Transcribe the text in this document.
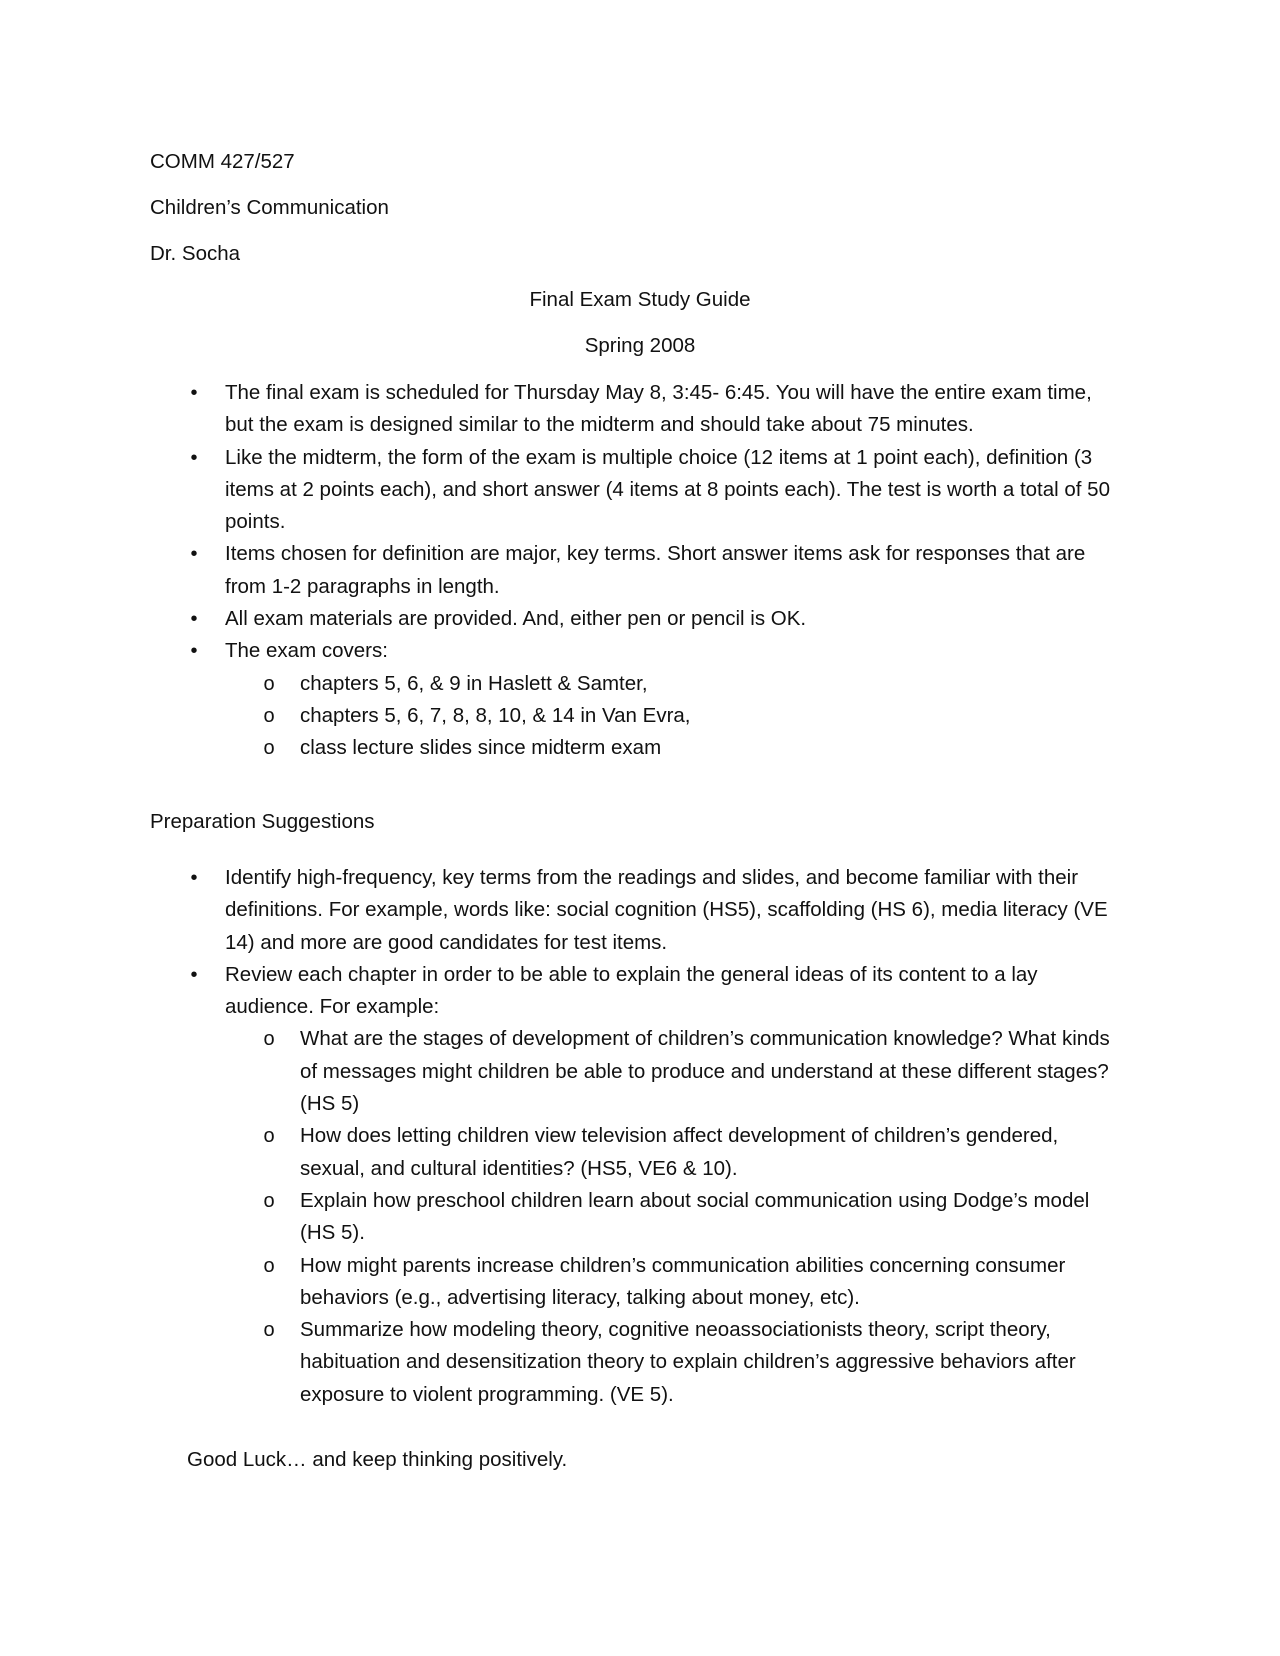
COMM 427/527
Children’s Communication
Dr. Socha
Final Exam Study Guide
Spring 2008
• The final exam is scheduled for Thursday May 8, 3:45- 6:45. You will have the entire exam time, but the exam is designed similar to the midterm and should take about 75 minutes.
• Like the midterm, the form of the exam is multiple choice (12 items at 1 point each), definition (3 items at 2 points each), and short answer (4 items at 8 points each). The test is worth a total of 50 points.
• Items chosen for definition are major, key terms. Short answer items ask for responses that are from 1-2 paragraphs in length.
• All exam materials are provided. And, either pen or pencil is OK.
• The exam covers:
o chapters 5, 6, & 9 in Haslett & Samter,
o chapters 5, 6, 7, 8, 8, 10, & 14 in Van Evra,
o class lecture slides since midterm exam
Preparation Suggestions
• Identify high-frequency, key terms from the readings and slides, and become familiar with their definitions. For example, words like: social cognition (HS5), scaffolding (HS 6), media literacy (VE 14) and more are good candidates for test items.
• Review each chapter in order to be able to explain the general ideas of its content to a lay audience. For example:
o What are the stages of development of children’s communication knowledge? What kinds of messages might children be able to produce and understand at these different stages? (HS 5)
o How does letting children view television affect development of children’s gendered, sexual, and cultural identities? (HS5, VE6 & 10).
o Explain how preschool children learn about social communication using Dodge’s model (HS 5).
o How might parents increase children’s communication abilities concerning consumer behaviors (e.g., advertising literacy, talking about money, etc).
o Summarize how modeling theory, cognitive neoassociationists theory, script theory, habituation and desensitization theory to explain children’s aggressive behaviors after exposure to violent programming. (VE 5).
Good Luck… and keep thinking positively.
